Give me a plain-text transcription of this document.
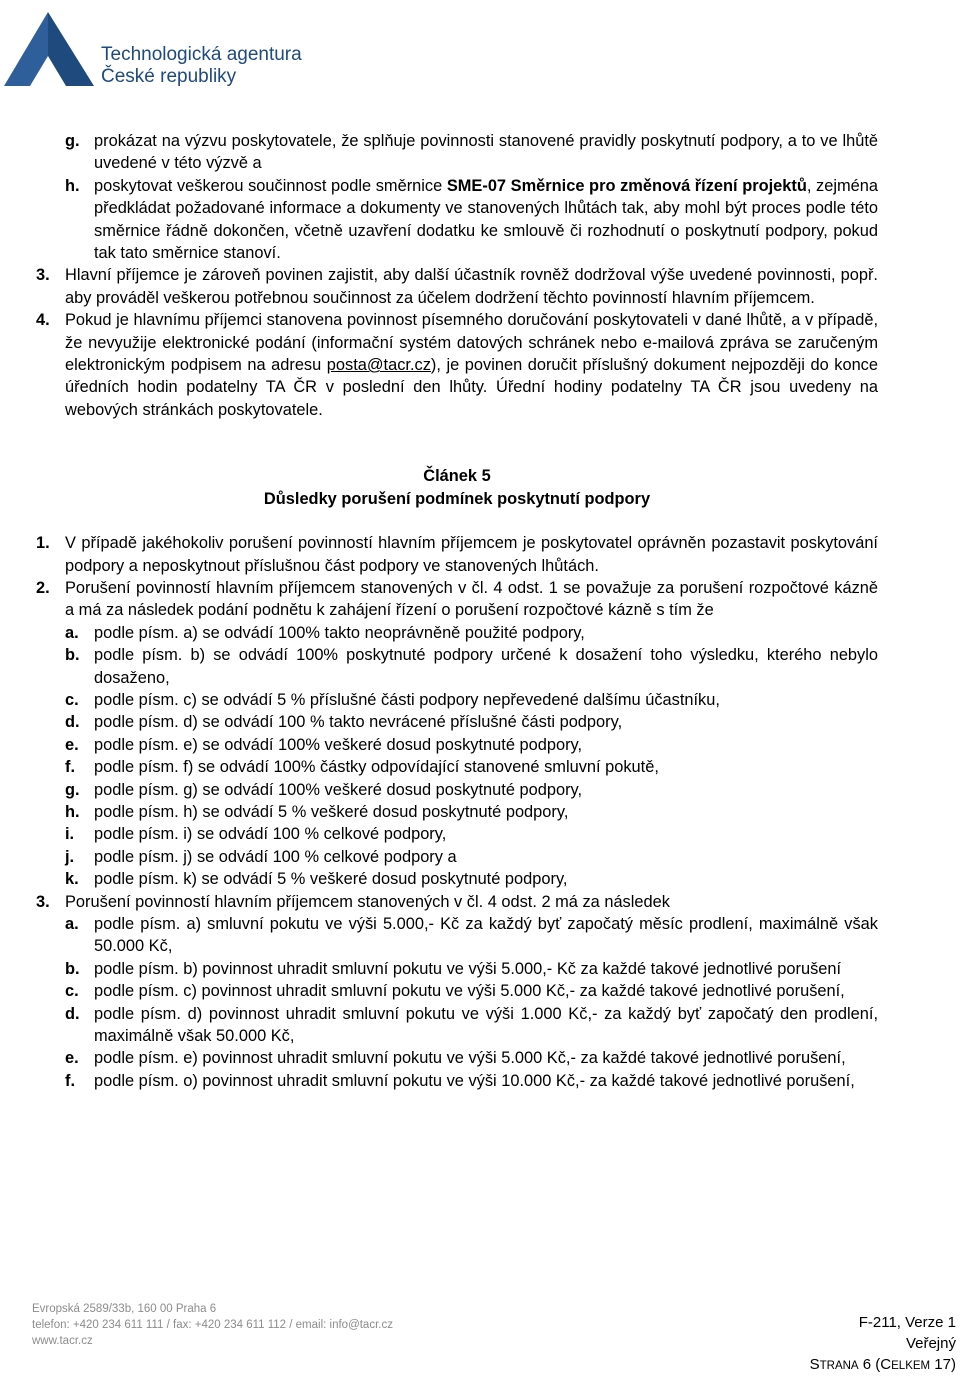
Technologická agentura
České republiky
g. prokázat na výzvu poskytovatele, že splňuje povinnosti stanovené pravidly poskytnutí podpory, a to ve lhůtě uvedené v této výzvě a
h. poskytovat veškerou součinnost podle směrnice SME-07 Směrnice pro změnová řízení projektů, zejména předkládat požadované informace a dokumenty ve stanovených lhůtách tak, aby mohl být proces podle této směrnice řádně dokončen, včetně uzavření dodatku ke smlouvě či rozhodnutí o poskytnutí podpory, pokud tak tato směrnice stanoví.
3. Hlavní příjemce je zároveň povinen zajistit, aby další účastník rovněž dodržoval výše uvedené povinnosti, popř. aby prováděl veškerou potřebnou součinnost za účelem dodržení těchto povinností hlavním příjemcem.
4. Pokud je hlavnímu příjemci stanovena povinnost písemného doručování poskytovateli v dané lhůtě, a v případě, že nevyužije elektronické podání (informační systém datových schránek nebo e-mailová zpráva se zaručeným elektronickým podpisem na adresu posta@tacr.cz), je povinen doručit příslušný dokument nejpozději do konce úředních hodin podatelny TA ČR v poslední den lhůty. Úřední hodiny podatelny TA ČR jsou uvedeny na webových stránkách poskytovatele.
Článek 5
Důsledky porušení podmínek poskytnutí podpory
1. V případě jakéhokoliv porušení povinností hlavním příjemcem je poskytovatel oprávněn pozastavit poskytování podpory a neposkytnout příslušnou část podpory ve stanovených lhůtách.
2. Porušení povinností hlavním příjemcem stanovených v čl. 4 odst. 1 se považuje za porušení rozpočtové kázně a má za následek podání podnětu k zahájení řízení o porušení rozpočtové kázně s tím že
a. podle písm. a) se odvádí 100% takto neoprávněně použité podpory,
b. podle písm. b) se odvádí 100% poskytnuté podpory určené k dosažení toho výsledku, kterého nebylo dosaženo,
c. podle písm. c) se odvádí 5 % příslušné části podpory nepřevedené dalšímu účastníku,
d. podle písm. d) se odvádí 100 % takto nevrácené příslušné části podpory,
e. podle písm. e) se odvádí 100% veškeré dosud poskytnuté podpory,
f.	podle písm. f) se odvádí 100% částky odpovídající stanovené smluvní pokutě,
g. podle písm. g) se odvádí 100% veškeré dosud poskytnuté podpory,
h. podle písm. h) se odvádí 5 % veškeré dosud poskytnuté podpory,
i.	podle písm. i) se odvádí 100 % celkové podpory,
j.	podle písm. j) se odvádí 100 % celkové podpory a
k. podle písm. k) se odvádí 5 % veškeré dosud poskytnuté podpory,
3. Porušení povinností hlavním příjemcem stanovených v čl. 4 odst. 2 má za následek
a. podle písm. a) smluvní pokutu ve výši 5.000,- Kč za každý byť započatý měsíc prodlení, maximálně však 50.000 Kč,
b. podle písm. b) povinnost uhradit smluvní pokutu ve výši 5.000,- Kč za každé takové jednotlivé porušení
c. podle písm. c) povinnost uhradit smluvní pokutu ve výši 5.000 Kč,- za každé takové jednotlivé porušení,
d. podle písm. d) povinnost uhradit smluvní pokutu ve výši 1.000 Kč,- za každý byť započatý den prodlení, maximálně však 50.000 Kč,
e. podle písm. e) povinnost uhradit smluvní pokutu ve výši 5.000 Kč,- za každé takové jednotlivé porušení,
f.	podle písm. o) povinnost uhradit smluvní pokutu ve výši 10.000 Kč,- za každé takové jednotlivé porušení,
Evropská 2589/33b, 160 00 Praha 6
telefon: +420 234 611 111 / fax: +420 234 611 112 / email: info@tacr.cz
www.tacr.cz
F-211, Verze 1
Veřejný
STRANA 6 (CELKEM 17)
